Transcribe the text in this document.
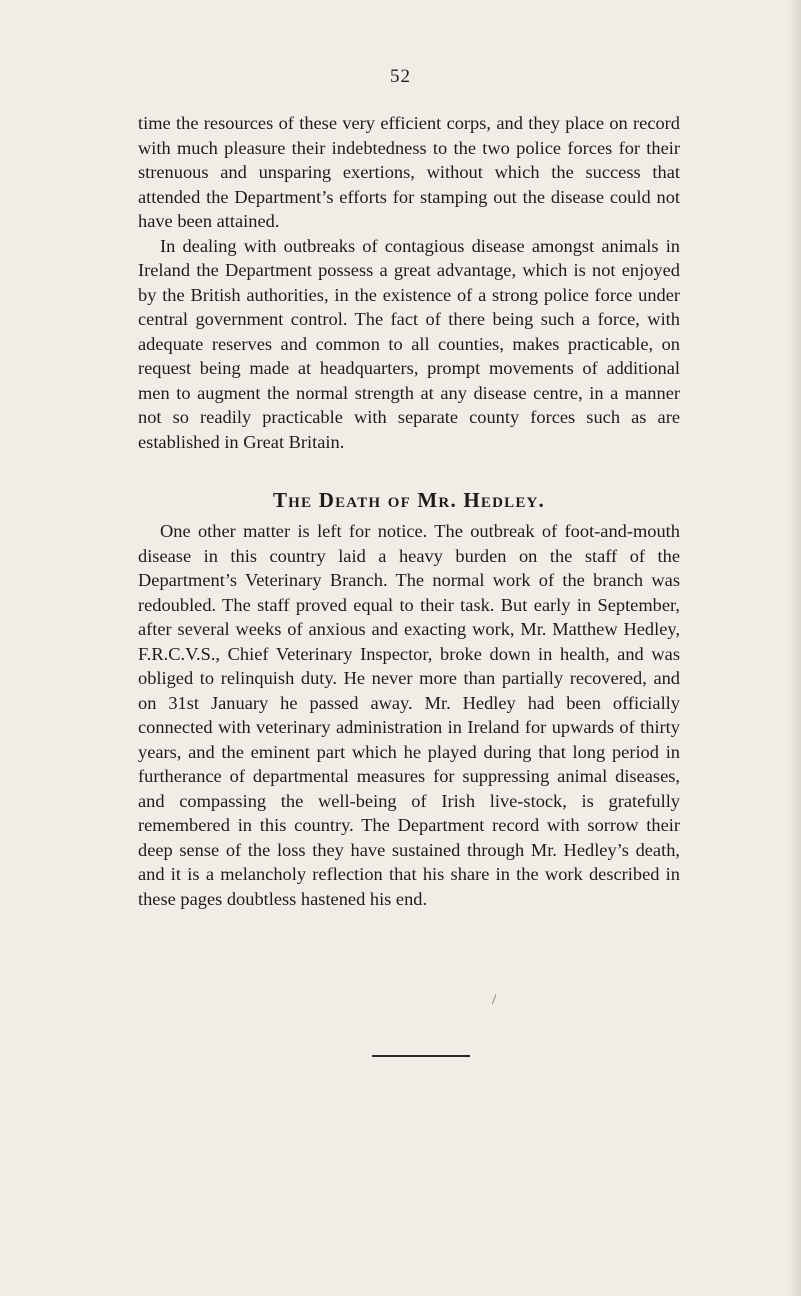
52

time the resources of these very efficient corps, and they place on record with much pleasure their indebtedness to the two police forces for their strenuous and unsparing exertions, without which the success that attended the Department’s efforts for stamping out the disease could not have been attained.

In dealing with outbreaks of contagious disease amongst animals in Ireland the Department possess a great advantage, which is not enjoyed by the British authorities, in the existence of a strong police force under central government control. The fact of there being such a force, with adequate reserves and common to all counties, makes practicable, on request being made at headquarters, prompt movements of additional men to augment the normal strength at any disease centre, in a manner not so readily practicable with separate county forces such as are established in Great Britain.

The Death of Mr. Hedley.

One other matter is left for notice. The outbreak of foot-and-mouth disease in this country laid a heavy burden on the staff of the Department’s Veterinary Branch. The normal work of the branch was redoubled. The staff proved equal to their task. But early in September, after several weeks of anxious and exacting work, Mr. Matthew Hedley, F.R.C.V.S., Chief Veterinary Inspector, broke down in health, and was obliged to relinquish duty. He never more than partially recovered, and on 31st January he passed away. Mr. Hedley had been officially connected with veterinary administration in Ireland for upwards of thirty years, and the eminent part which he played during that long period in furtherance of departmental measures for suppressing animal diseases, and compassing the well-being of Irish live-stock, is gratefully remembered in this country. The Department record with sorrow their deep sense of the loss they have sustained through Mr. Hedley’s death, and it is a melancholy reflection that his share in the work described in these pages doubtless hastened his end.

/
